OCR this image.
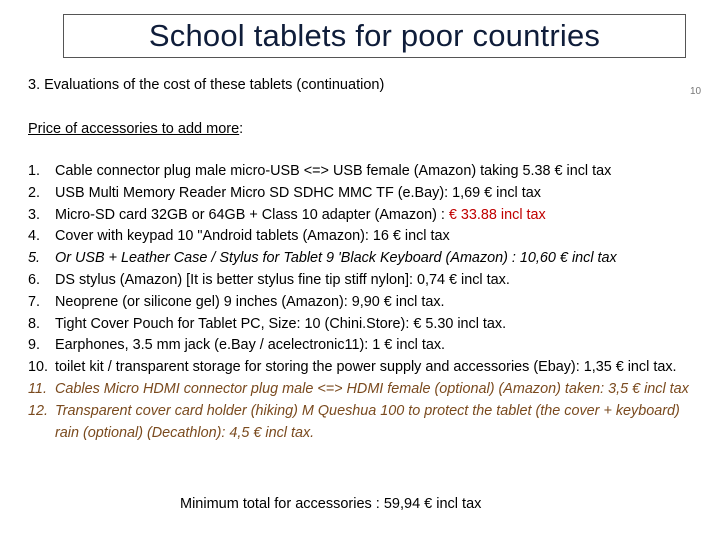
School tablets for poor countries
3. Evaluations of the cost of these tablets (continuation)	10
Price of accessories to add more:
1. Cable connector plug male micro-USB <=> USB female (Amazon) taking 5.38 € incl tax
2. USB Multi Memory Reader Micro SD SDHC MMC TF (e.Bay): 1,69 € incl tax
3. Micro-SD card 32GB or 64GB + Class 10 adapter (Amazon) : € 33.88 incl tax
4. Cover with keypad 10 "Android tablets (Amazon): 16 € incl tax
5. Or USB + Leather Case / Stylus for Tablet 9 'Black Keyboard (Amazon) : 10,60 € incl tax
6. DS stylus (Amazon) [It is better stylus fine tip stiff nylon]: 0,74 € incl tax.
7. Neoprene (or silicone gel) 9 inches (Amazon): 9,90 € incl tax.
8. Tight Cover Pouch for Tablet PC, Size: 10 (Chini.Store): € 5.30 incl tax.
9. Earphones, 3.5 mm jack (e.Bay / acelectronic11): 1 € incl tax.
10. toilet kit / transparent storage for storing the power supply and accessories (Ebay): 1,35 € incl tax.
11. Cables Micro HDMI connector plug male <=> HDMI female (optional) (Amazon) taken: 3,5 € incl tax
12. Transparent cover card holder (hiking) M Queshua 100 to protect the tablet (the cover + keyboard) rain (optional) (Decathlon): 4,5 € incl tax.
Minimum total for accessories : 59,94 € incl tax
